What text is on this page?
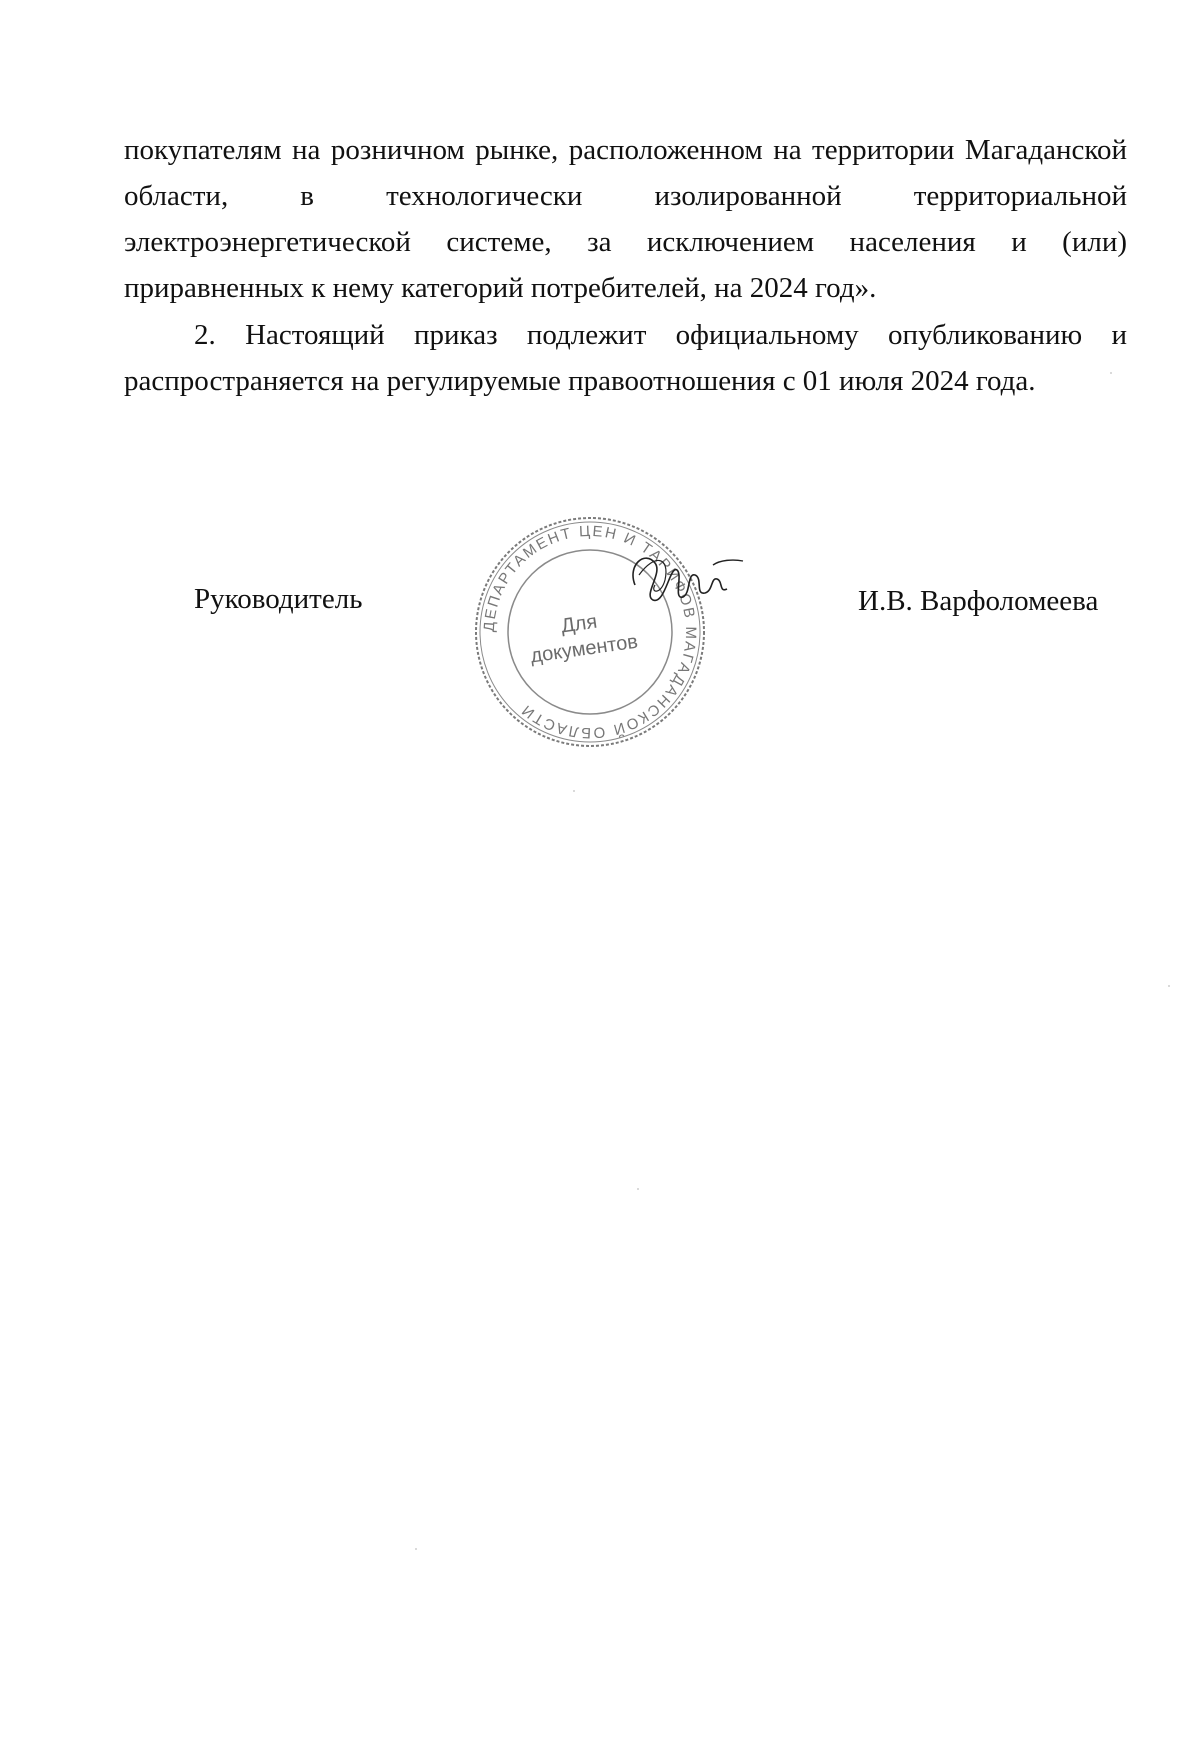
покупателям на розничном рынке, расположенном на территории Магаданской области, в технологически изолированной территориальной электроэнергетической системе, за исключением населения и (или) приравненных к нему категорий потребителей, на 2024 год».

2. Настоящий приказ подлежит официальному опубликованию и распространяется на регулируемые правоотношения с 01 июля 2024 года.

Руководитель
ДЕПАРТАМЕНТ ЦЕН И ТАРИФОВ МАГАДАНСКОЙ ОБЛАСТИ
Для
документов
И.В. Варфоломеева
